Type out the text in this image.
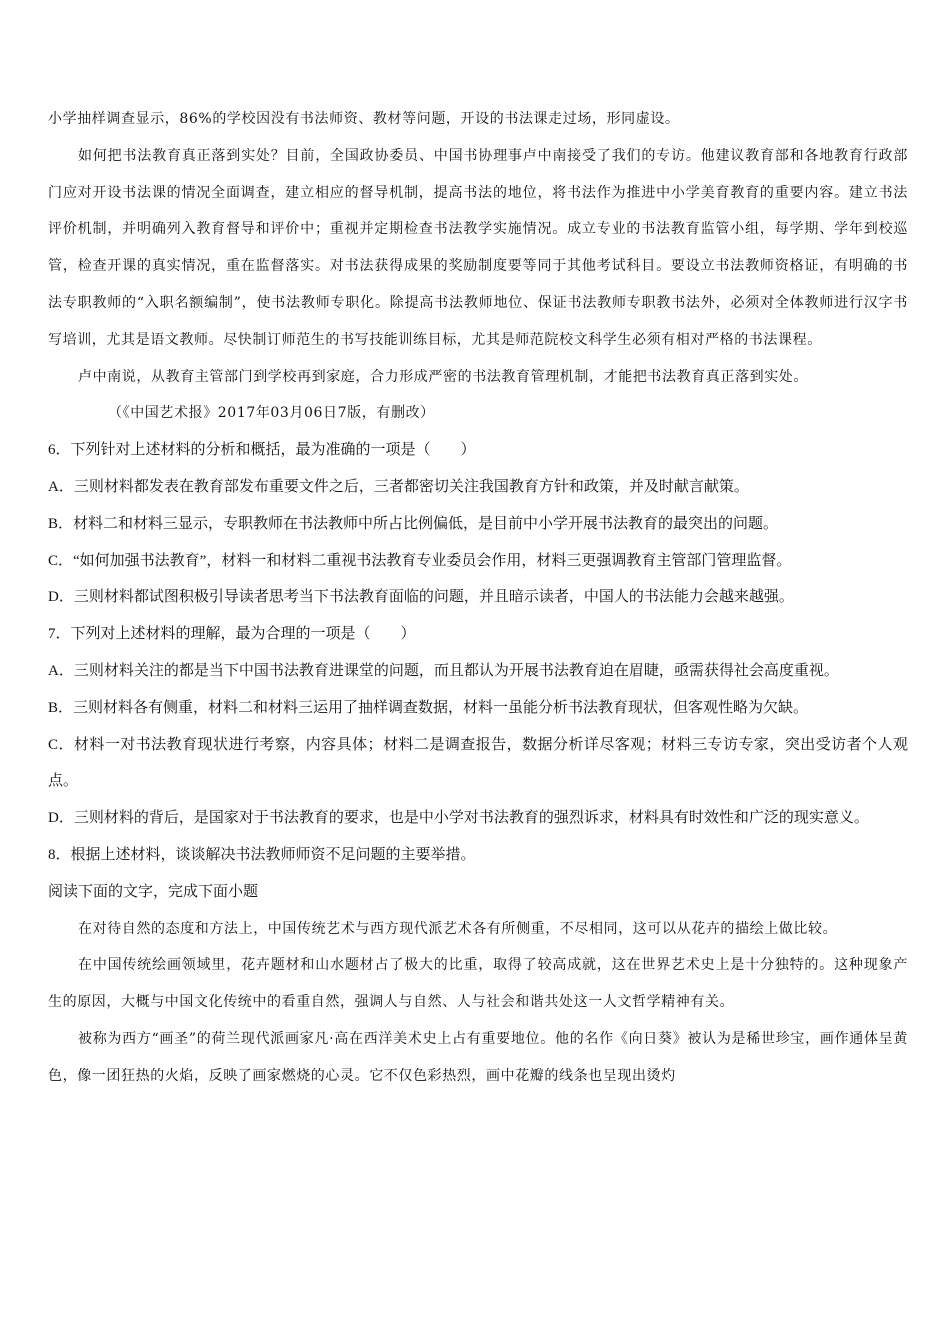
小学抽样调查显示，86%的学校因没有书法师资、教材等问题，开设的书法课走过场，形同虚设。

如何把书法教育真正落到实处？目前，全国政协委员、中国书协理事卢中南接受了我们的专访。他建议教育部和各地教育行政部门应对开设书法课的情况全面调查，建立相应的督导机制，提高书法的地位，将书法作为推进中小学美育教育的重要内容。建立书法评价机制，并明确列入教育督导和评价中；重视并定期检查书法教学实施情况。成立专业的书法教育监管小组，每学期、学年到校巡管，检查开课的真实情况，重在监督落实。对书法获得成果的奖励制度要等同于其他考试科目。要设立书法教师资格证，有明确的书法专职教师的“入职名额编制”，使书法教师专职化。除提高书法教师地位、保证书法教师专职教书法外，必须对全体教师进行汉字书写培训，尤其是语文教师。尽快制订师范生的书写技能训练目标，尤其是师范院校文科学生必须有相对严格的书法课程。

卢中南说，从教育主管部门到学校再到家庭，合力形成严密的书法教育管理机制，才能把书法教育真正落到实处。

（《中国艺术报》2017年03月06日7版，有删改）

6．下列针对上述材料的分析和概括，最为准确的一项是（　　）

A．三则材料都发表在教育部发布重要文件之后，三者都密切关注我国教育方针和政策，并及时献言献策。

B．材料二和材料三显示，专职教师在书法教师中所占比例偏低，是目前中小学开展书法教育的最突出的问题。

C．“如何加强书法教育”，材料一和材料二重视书法教育专业委员会作用，材料三更强调教育主管部门管理监督。

D．三则材料都试图积极引导读者思考当下书法教育面临的问题，并且暗示读者，中国人的书法能力会越来越强。

7．下列对上述材料的理解，最为合理的一项是（　　）

A．三则材料关注的都是当下中国书法教育进课堂的问题，而且都认为开展书法教育迫在眉睫，亟需获得社会高度重视。

B．三则材料各有侧重，材料二和材料三运用了抽样调查数据，材料一虽能分析书法教育现状，但客观性略为欠缺。

C．材料一对书法教育现状进行考察，内容具体；材料二是调查报告，数据分析详尽客观；材料三专访专家，突出受访者个人观点。

D．三则材料的背后，是国家对于书法教育的要求，也是中小学对书法教育的强烈诉求，材料具有时效性和广泛的现实意义。

8．根据上述材料，谈谈解决书法教师师资不足问题的主要举措。

阅读下面的文字，完成下面小题

在对待自然的态度和方法上，中国传统艺术与西方现代派艺术各有所侧重，不尽相同，这可以从花卉的描绘上做比较。

在中国传统绘画领域里，花卉题材和山水题材占了极大的比重，取得了较高成就，这在世界艺术史上是十分独特的。这种现象产生的原因，大概与中国文化传统中的看重自然，强调人与自然、人与社会和谐共处这一人文哲学精神有关。

被称为西方“画圣”的荷兰现代派画家凡·高在西洋美术史上占有重要地位。他的名作《向日葵》被认为是稀世珍宝，画作通体呈黄色，像一团狂热的火焰，反映了画家燃烧的心灵。它不仅色彩热烈，画中花瓣的线条也呈现出烫灼
